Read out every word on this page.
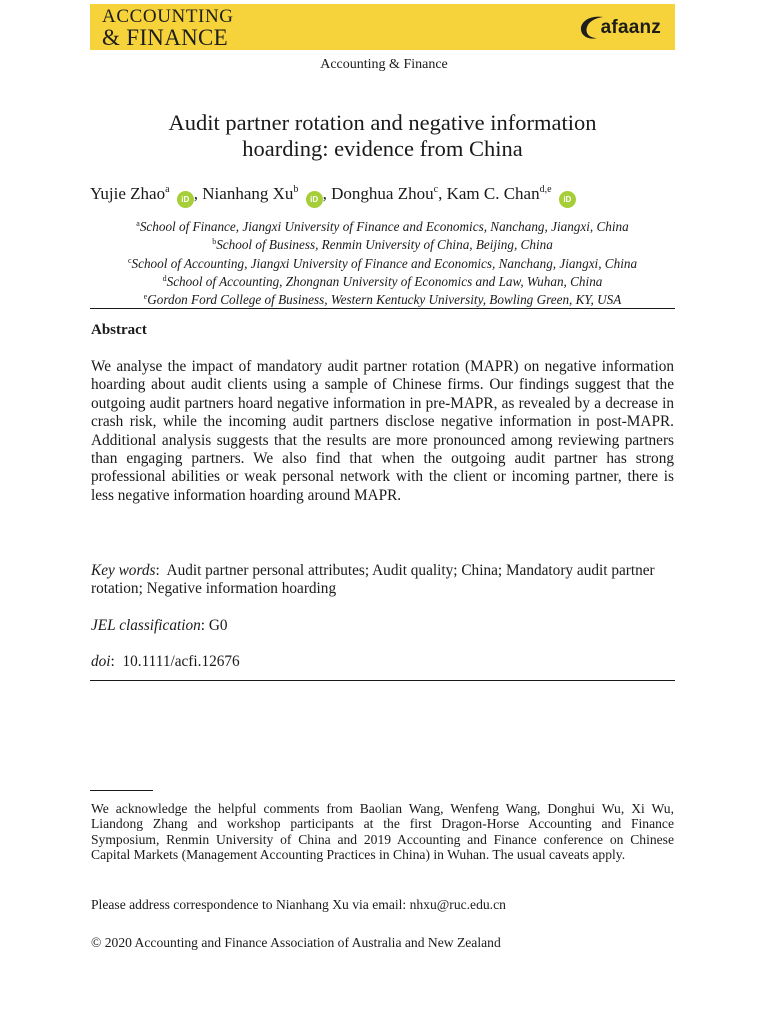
ACCOUNTING
& FINANCE	afaanz
Accounting & Finance
Audit partner rotation and negative information
hoarding: evidence from China
Yujie Zhao$^a$ iD , Nianhang Xu$^b$ iD , Donghua Zhou$^c$, Kam C. Chan$^{d,e}$ iD
$^a$School of Finance, Jiangxi University of Finance and Economics, Nanchang, Jiangxi, China
$^b$School of Business, Renmin University of China, Beijing, China
$^c$School of Accounting, Jiangxi University of Finance and Economics, Nanchang, Jiangxi, China
$^d$School of Accounting, Zhongnan University of Economics and Law, Wuhan, China
$^e$Gordon Ford College of Business, Western Kentucky University, Bowling Green, KY, USA
Abstract
We analyse the impact of mandatory audit partner rotation (MAPR) on negative information hoarding about audit clients using a sample of Chinese firms. Our findings suggest that the outgoing audit partners hoard negative information in pre-MAPR, as revealed by a decrease in crash risk, while the incoming audit partners disclose negative information in post-MAPR. Additional analysis suggests that the results are more pronounced among reviewing partners than engaging partners. We also find that when the outgoing audit partner has strong professional abilities or weak personal network with the client or incoming partner, there is less negative information hoarding around MAPR.
Key words:  Audit partner personal attributes; Audit quality; China; Mandatory audit partner rotation; Negative information hoarding
JEL classification: G0
doi:  10.1111/acfi.12676
We acknowledge the helpful comments from Baolian Wang, Wenfeng Wang, Donghui Wu, Xi Wu, Liandong Zhang and workshop participants at the first Dragon-Horse Accounting and Finance Symposium, Renmin University of China and 2019 Accounting and Finance conference on Chinese Capital Markets (Management Accounting Practices in China) in Wuhan. The usual caveats apply.
Please address correspondence to Nianhang Xu via email: nhxu@ruc.edu.cn
© 2020 Accounting and Finance Association of Australia and New Zealand
